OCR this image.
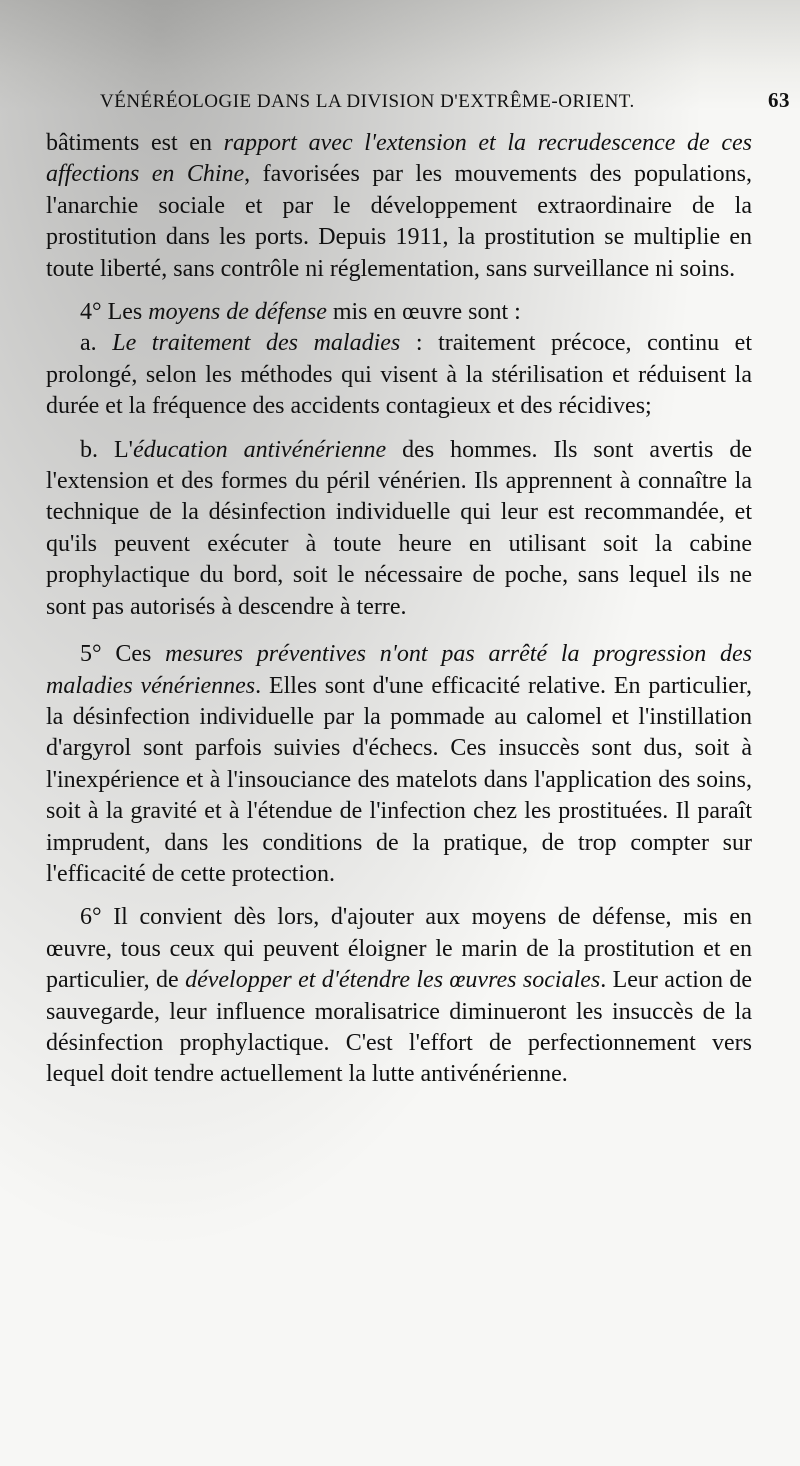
VÉNÉRÉOLOGIE DANS LA DIVISION D'EXTRÊME-ORIENT.	63

bâtiments est en rapport avec l'extension et la recrudescence de ces affections en Chine, favorisées par les mouvements des populations, l'anarchie sociale et par le développement extraordinaire de la prostitution dans les ports. Depuis 1911, la prostitution se multiplie en toute liberté, sans contrôle ni réglementation, sans surveillance ni soins.

4° Les moyens de défense mis en œuvre sont :

a. Le traitement des maladies : traitement précoce, continu et prolongé, selon les méthodes qui visent à la stérilisation et réduisent la durée et la fréquence des accidents contagieux et des récidives;

b. L'éducation antivénérienne des hommes. Ils sont avertis de l'extension et des formes du péril vénérien. Ils apprennent à connaître la technique de la désinfection individuelle qui leur est recommandée, et qu'ils peuvent exécuter à toute heure en utilisant soit la cabine prophylactique du bord, soit le nécessaire de poche, sans lequel ils ne sont pas autorisés à descendre à terre.

5° Ces mesures préventives n'ont pas arrêté la progression des maladies vénériennes. Elles sont d'une efficacité relative. En particulier, la désinfection individuelle par la pommade au calomel et l'instillation d'argyrol sont parfois suivies d'échecs. Ces insuccès sont dus, soit à l'inexpérience et à l'insouciance des matelots dans l'application des soins, soit à la gravité et à l'étendue de l'infection chez les prostituées. Il paraît imprudent, dans les conditions de la pratique, de trop compter sur l'efficacité de cette protection.

6° Il convient dès lors, d'ajouter aux moyens de défense, mis en œuvre, tous ceux qui peuvent éloigner le marin de la prostitution et en particulier, de développer et d'étendre les œuvres sociales. Leur action de sauvegarde, leur influence moralisatrice diminueront les insuccès de la désinfection prophylactique. C'est l'effort de perfectionnement vers lequel doit tendre actuellement la lutte antivénérienne.
